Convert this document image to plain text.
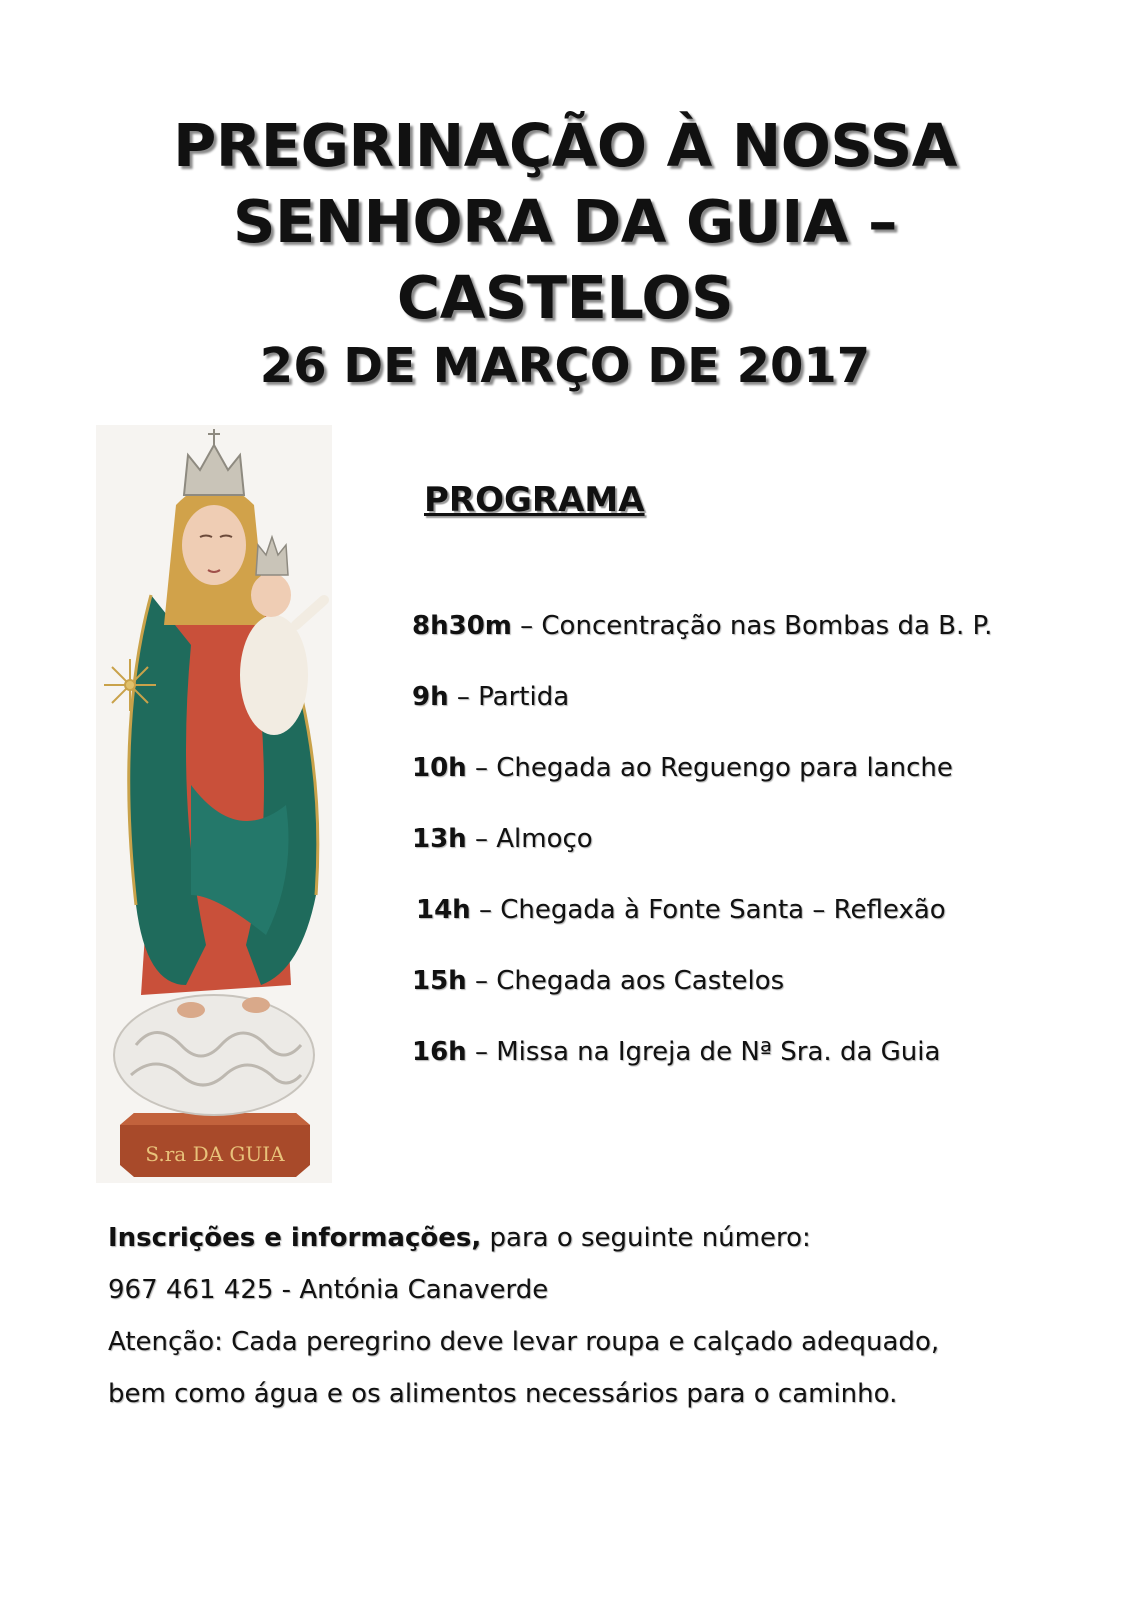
PREGRINAÇÃO À NOSSA
SENHORA DA GUIA –
CASTELOS
26 DE MARÇO DE 2017
S.ra DA GUIA
PROGRAMA
8h30m – Concentração nas Bombas da B. P.
9h – Partida
10h – Chegada ao Reguengo para lanche
13h – Almoço
14h – Chegada à Fonte Santa – Reflexão
15h – Chegada aos Castelos
16h – Missa na Igreja de Nª Sra. da Guia
Inscrições e informações, para o seguinte número:
967 461 425 - Antónia Canaverde
Atenção: Cada peregrino deve levar roupa e calçado adequado,
bem como água e os alimentos necessários para o caminho.
